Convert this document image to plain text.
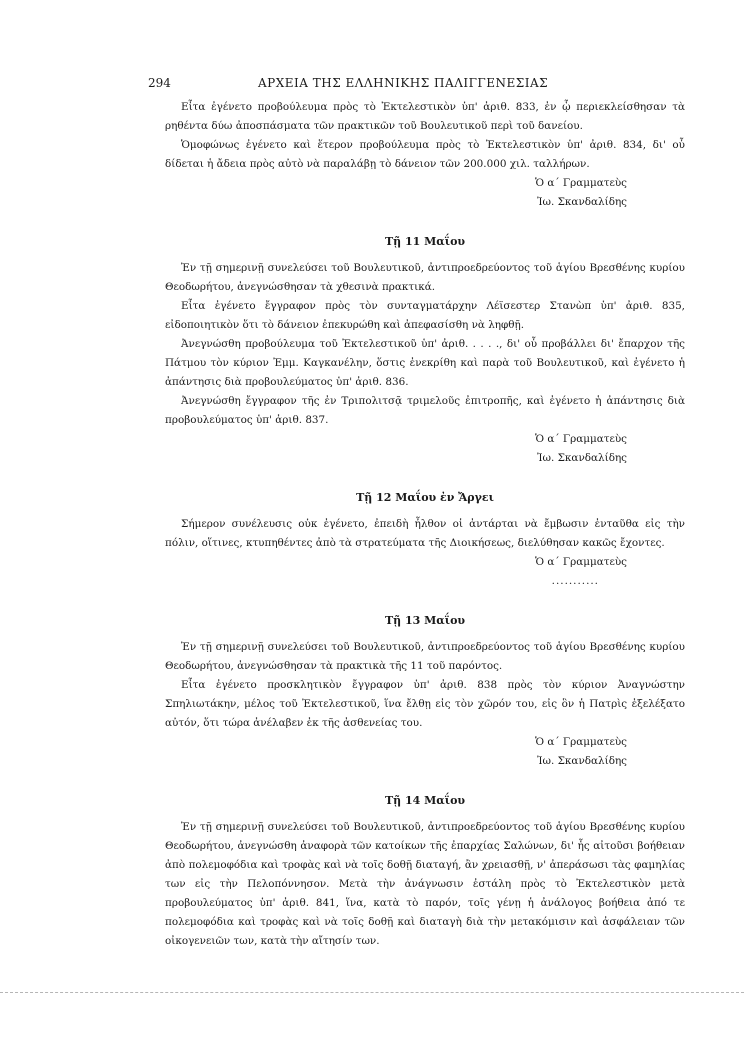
294	ΑΡΧΕΙΑ ΤΗΣ ΕΛΛΗΝΙΚΗΣ ΠΑΛΙΓΓΕΝΕΣΙΑΣ

Εἶτα ἐγένετο προβούλευμα πρὸς τὸ Ἐκτελεστικὸν ὑπ' ἀριθ. 833, ἐν ᾧ περιεκλείσθησαν τὰ ρηθέντα δύω ἀποσπάσματα τῶν πρακτικῶν τοῦ Βουλευτικοῦ περὶ τοῦ δανείου.

Ὁμοφώνως ἐγένετο καὶ ἕτερον προβούλευμα πρὸς τὸ Ἐκτελεστικὸν ὑπ' ἀριθ. 834, δι' οὗ δίδεται ἡ ἄδεια πρὸς αὐτὸ νὰ παραλάβῃ τὸ δάνειον τῶν 200.000 χιλ. ταλλήρων.

Ὁ α΄ Γραμματεὺς
Ἰω. Σκανδαλίδης
Τῇ 11 Μαΐου

Ἐν τῇ σημερινῇ συνελεύσει τοῦ Βουλευτικοῦ, ἀντιπροεδρεύοντος τοῦ ἁγίου Βρεσθένης κυρίου Θεοδωρήτου, ἀνεγνώσθησαν τὰ χθεσινὰ πρακτικά.

Εἶτα ἐγένετο ἔγγραφον πρὸς τὸν συνταγματάρχην Λέϊσεστερ Στανὼπ ὑπ' ἀριθ. 835, εἰδοποιητικὸν ὅτι τὸ δάνειον ἐπεκυρώθη καὶ ἀπεφασίσθη νὰ ληφθῇ.

Ἀνεγνώσθη προβούλευμα τοῦ Ἐκτελεστικοῦ ὑπ' ἀριθ. . . . ., δι' οὗ προβάλλει δι' ἔπαρχον τῆς Πάτμου τὸν κύριον Ἐμμ. Καγκανέλην, ὅστις ἐνεκρίθη καὶ παρὰ τοῦ Βουλευτικοῦ, καὶ ἐγένετο ἡ ἀπάντησις διὰ προβουλεύματος ὑπ' ἀριθ. 836.

Ἀνεγνώσθη ἔγγραφον τῆς ἐν Τριπολιτσᾷ τριμελοῦς ἐπιτροπῆς, καὶ ἐγένετο ἡ ἀπάντησις διὰ προβουλεύματος ὑπ' ἀριθ. 837.

Ὁ α΄ Γραμματεὺς
Ἰω. Σκανδαλίδης
Τῇ 12 Μαΐου ἐν Ἄργει

Σήμερον συνέλευσις οὐκ ἐγένετο, ἐπειδὴ ἦλθον οἱ ἀντάρται νὰ ἔμβωσιν ἐνταῦθα εἰς τὴν πόλιν, οἵτινες, κτυπηθέντες ἀπὸ τὰ στρατεύματα τῆς Διοικήσεως, διελύθησαν κακῶς ἔχοντες.

Ὁ α΄ Γραμματεὺς

...........

Τῇ 13 Μαΐου

Ἐν τῇ σημερινῇ συνελεύσει τοῦ Βουλευτικοῦ, ἀντιπροεδρεύοντος τοῦ ἁγίου Βρεσθένης κυρίου Θεοδωρήτου, ἀνεγνώσθησαν τὰ πρακτικὰ τῆς 11 τοῦ παρόντος.

Εἶτα ἐγένετο προσκλητικὸν ἔγγραφον ὑπ' ἀριθ. 838 πρὸς τὸν κύριον Ἀναγνώστην Σπηλιωτάκην, μέλος τοῦ Ἐκτελεστικοῦ, ἵνα ἔλθῃ εἰς τὸν χῶρόν του, εἰς ὃν ἡ Πατρὶς ἐξελέξατο αὐτόν, ὅτι τώρα ἀνέλαβεν ἐκ τῆς ἀσθενείας του.

Ὁ α΄ Γραμματεὺς
Ἰω. Σκανδαλίδης
Τῇ 14 Μαΐου

Ἐν τῇ σημερινῇ συνελεύσει τοῦ Βουλευτικοῦ, ἀντιπροεδρεύοντος τοῦ ἁγίου Βρεσθένης κυρίου Θεοδωρήτου, ἀνεγνώσθη ἀναφορὰ τῶν κατοίκων τῆς ἐπαρχίας Σαλώνων, δι' ἧς αἰτοῦσι βοήθειαν ἀπὸ πολεμοφόδια καὶ τροφὰς καὶ νὰ τοῖς δοθῇ διαταγή, ἂν χρειασθῇ, ν' ἀπεράσωσι τὰς φαμηλίας των εἰς τὴν Πελοπόννησον. Μετὰ τὴν ἀνάγνωσιν ἐστάλη πρὸς τὸ Ἐκτελεστικὸν μετὰ προβουλεύματος ὑπ' ἀριθ. 841, ἵνα, κατὰ τὸ παρόν, τοῖς γένῃ ἡ ἀνάλογος βοήθεια ἀπό τε πολεμοφόδια καὶ τροφὰς καὶ νὰ τοῖς δοθῇ καὶ διαταγὴ διὰ τὴν μετακόμισιν καὶ ἀσφάλειαν τῶν οἰκογενειῶν των, κατὰ τὴν αἴτησίν των.
